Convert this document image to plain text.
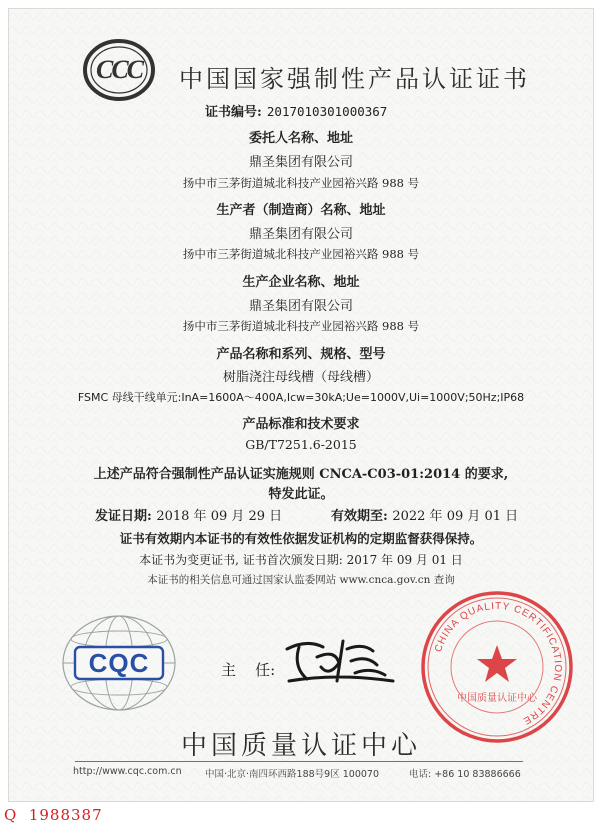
CCC	中国国家强制性产品认证证书
证书编号: 2017010301000367
委托人名称、地址
鼎圣集团有限公司
扬中市三茅街道城北科技产业园裕兴路 988 号
生产者（制造商）名称、地址
鼎圣集团有限公司
扬中市三茅街道城北科技产业园裕兴路 988 号
生产企业名称、地址
鼎圣集团有限公司
扬中市三茅街道城北科技产业园裕兴路 988 号
产品名称和系列、规格、型号
树脂浇注母线槽（母线槽）
FSMC 母线干线单元:InA=1600A～400A,Icw=30kA;Ue=1000V,Ui=1000V;50Hz;IP68
产品标准和技术要求
GB/T7251.6-2015
上述产品符合强制性产品认证实施规则 CNCA-C03-01:2014 的要求,
特发此证。
发证日期: 2018 年 09 月 29 日	有效期至: 2022 年 09 月 01 日
证书有效期内本证书的有效性依据发证机构的定期监督获得保持。
本证书为变更证书, 证书首次颁发日期: 2017 年 09 月 01 日
本证书的相关信息可通过国家认监委网站 www.cnca.gov.cn 查询
CQC	主    任:
CHINA QUALITY CERTIFICATION CENTRE
中国质量认证中心
中国质量认证中心
http://www.cqc.com.cn 中国·北京·南四环西路188号9区 100070	电话: +86 10 83886666
Q  1988387
